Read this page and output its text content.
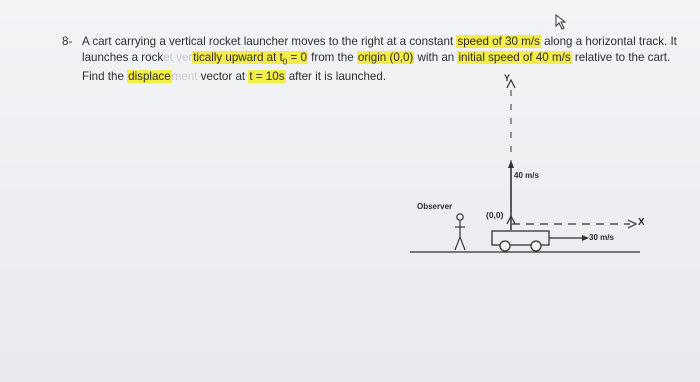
8- A cart carrying a vertical rocket launcher moves to the right at a constant speed of 30 m/s along a horizontal track. It
launches a rocket vertically upward at $t_0 = 0$ from the origin (0,0) with an initial speed of 40 m/s relative to the cart.
Find the displacement vector at t = 10s after it is launched.	Y
X
40 m/s
30 m/s
(0,0)
Observer
